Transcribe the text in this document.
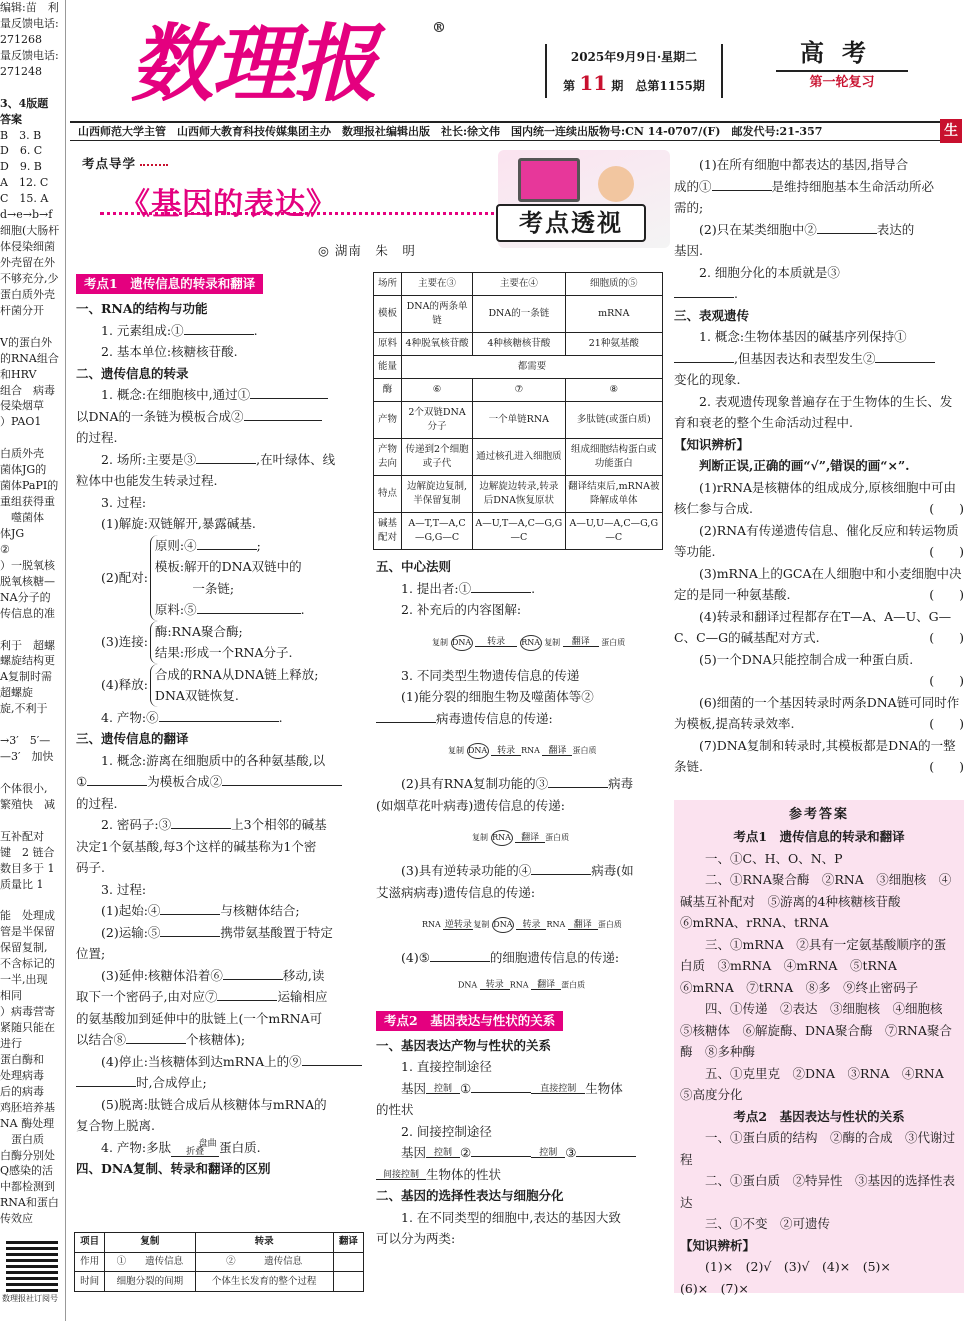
编辑:苗　利
量反馈电话:
271268
量反馈电话:
271248

3、4版题
答案
B　3. B
D　6. C
D　9. B
A　12. C
C　15. A
d→e→b→f
细胞(大肠杆
体侵染细菌
外壳留在外
不够充分,少
蛋白质外壳
杆菌分开

V的蛋白外
的RNA组合
和HRV
组合　病毒
侵染烟草
）PAO1

白质外壳
菌体JG的
菌体PaPI的
重组获得重
　噬菌体
体JG
②
）一脱氧核
脱氧核糖—
NA分子的
传信息的准

利于　超螺
螺旋结构更
A复制时需
超螺旋
旋,不利于

→3′　5′—
—3′　加快

个体很小,
繁殖快　减

互补配对
键　2 链合
数目多于 1
质量比 1

能　处理成
管是半保留
保留复制,
不含标记的
一半,出现
相同
）病毒营寄
紧随只能在
进行
蛋白酶和
处理病毒
后的病毒
鸡胚培养基
NA 酶处理
　蛋白质
白酶分别处
Q感染的活
中都检测到
RNA和蛋白
传效应
数理报社订阅号
数理报	®
2025年9月9日·星期二
第 11 期　 总第1155期
高考
第一轮复习
山西师范大学主管　山西师大教育科技传媒集团主办　数理报社编辑出版　社长:徐文伟　国内统一连续出版物号:CN 14-0707/(F)　邮发代号:21-357	生
考点导学
《基因的表达》
◎ 湖南　朱　明
考点透视
考点1　遗传信息的转录和翻译

一、RNA的结构与功能

1. 元素组成:①	.

2. 基本单位:核糖核苷酸.

二、遗传信息的转录

1. 概念:在细胞核中,通过①

以DNA的一条链为模板合成②

的过程.

2. 场所:主要是③	,在叶绿体、线

粒体中也能发生转录过程.

3. 过程:

(1)解旋:双链解开,暴露碱基.

(2)配对:

原则:④	;

模板:解开的DNA双链中的

　　　一条链;

原料:⑤	.

(3)连接:

酶:RNA聚合酶;

结果:形成一个RNA分子.

(4)释放:

合成的RNA从DNA链上释放;

DNA双链恢复.

4. 产物:⑥	.

三、遗传信息的翻译

1. 概念:游离在细胞质中的各种氨基酸,以

①	为模板合成②

的过程.

2. 密码子:③	上3个相邻的碱基

决定1个氨基酸,每3个这样的碱基称为1个密

码子.

3. 过程:

(1)起始:④	与核糖体结合;

(2)运输:⑤	携带氨基酸置于特定

位置;

(3)延伸:核糖体沿着⑥	移动,读

取下一个密码子,由对应⑦	运输相应

的氨基酸加到延伸中的肽链上(一个mRNA可

以结合⑧	个核糖体);

(4)停止:当核糖体到达mRNA上的⑨

时,合成停止;

(5)脱离:肽链合成后从核糖体与mRNA的

复合物上脱离.

4. 产物:多肽	盘曲折叠 蛋白质.

四、DNA复制、转录和翻译的区别

项目	复制	转录	翻译
作用	①　　遗传信息	②　　　遗传信息	
时间	细胞分裂的间期	个体生长发育的整个过程	
场所	主要在③	主要在④	细胞质的⑤
模板	DNA的两条单链	DNA的一条链	mRNA
原料	4种脱氧核苷酸	4种核糖核苷酸	21种氨基酸
能量	都需要		
酶	⑥	⑦	⑧
产物	2个双链DNA分子	一个单链RNA	多肽链(或蛋白质)
产物去向	传递到2个细胞或子代	通过核孔进入细胞质	组成细胞结构蛋白或功能蛋白
特点	边解旋边复制,半保留复制	边解旋边转录,转录后DNA恢复原状	翻译结束后,mRNA被降解成单体
碱基配对	A—T,T—A,C—G,G—C	A—U,T—A,C—G,G—C	A—U,U—A,C—G,G—C

五、中心法则

1. 提出者:①	.

2. 补充后的内容图解:

复制 DNA 转录 RNA 复制 翻译 蛋白质

3. 不同类型生物遗传信息的传递

(1)能分裂的细胞生物及噬菌体等②

病毒遗传信息的传递:

复制 DNA 转录 RNA 翻译 蛋白质

(2)具有RNA复制功能的③	病毒

(如烟草花叶病毒)遗传信息的传递:

复制 RNA 翻译 蛋白质

(3)具有逆转录功能的④	病毒(如

艾滋病病毒)遗传信息的传递:

RNA 逆转录 复制 DNA 转录 RNA 翻译 蛋白质

(4)⑤	的细胞遗传信息的传递:

DNA 转录 RNA 翻译 蛋白质
考点2　基因表达与性状的关系

一、基因表达产物与性状的关系

1. 直接控制途径

基因 控制 ①	直接控制 生物体

的性状

2. 间接控制途径

基因 控制 ②	控制 ③

间接控制 生物体的性状

二、基因的选择性表达与细胞分化

1. 在不同类型的细胞中,表达的基因大致

可以分为两类:

(1)在所有细胞中都表达的基因,指导合

成的①	是维持细胞基本生命活动所必

需的;

(2)只在某类细胞中②	表达的

基因.

2. 细胞分化的本质就是③

.

三、表观遗传

1. 概念:生物体基因的碱基序列保持①

,但基因表达和表型发生②

变化的现象.

2. 表观遗传现象普遍存在于生物体的生长、发育和衰老的整个生命活动过程中.

【知识辨析】

判断正误,正确的画“√”,错误的画“×”.

(1)rRNA是核糖体的组成成分,原核细胞中可由核仁参与合成.	(　　)

(2)RNA有传递遗传信息、催化反应和转运物质等功能.	(　　)

(3)mRNA上的GCA在人细胞中和小麦细胞中决定的是同一种氨基酸.	(　　)

(4)转录和翻译过程都存在T—A、A—U、G—C、C—G的碱基配对方式.	(　　)

(5)一个DNA只能控制合成一种蛋白质.

(　　)

(6)细菌的一个基因转录时两条DNA链可同时作为模板,提高转录效率.	(　　)

(7)DNA复制和转录时,其模板都是DNA的一整条链.	(　　)

参考答案

考点1　遗传信息的转录和翻译

一、①C、H、O、N、P

二、①RNA聚合酶　②RNA　③细胞核　④碱基互补配对　⑤游离的4种核糖核苷酸　⑥mRNA、rRNA、tRNA

三、①mRNA　②具有一定氨基酸顺序的蛋白质　③mRNA　④mRNA　⑤tRNA　⑥mRNA　⑦tRNA　⑧多　⑨终止密码子

四、①传递　②表达　③细胞核　④细胞核　⑤核糖体　⑥解旋酶、DNA聚合酶　⑦RNA聚合酶　⑧多种酶

五、①克里克　②DNA　③RNA　④RNA　⑤高度分化

考点2　基因表达与性状的关系

一、①蛋白质的结构　②酶的合成　③代谢过程

二、①蛋白质　②特异性　③基因的选择性表达

三、①不变　②可遗传

【知识辨析】

(1)×　(2)√　(3)√　(4)×　(5)×

(6)×　(7)×
